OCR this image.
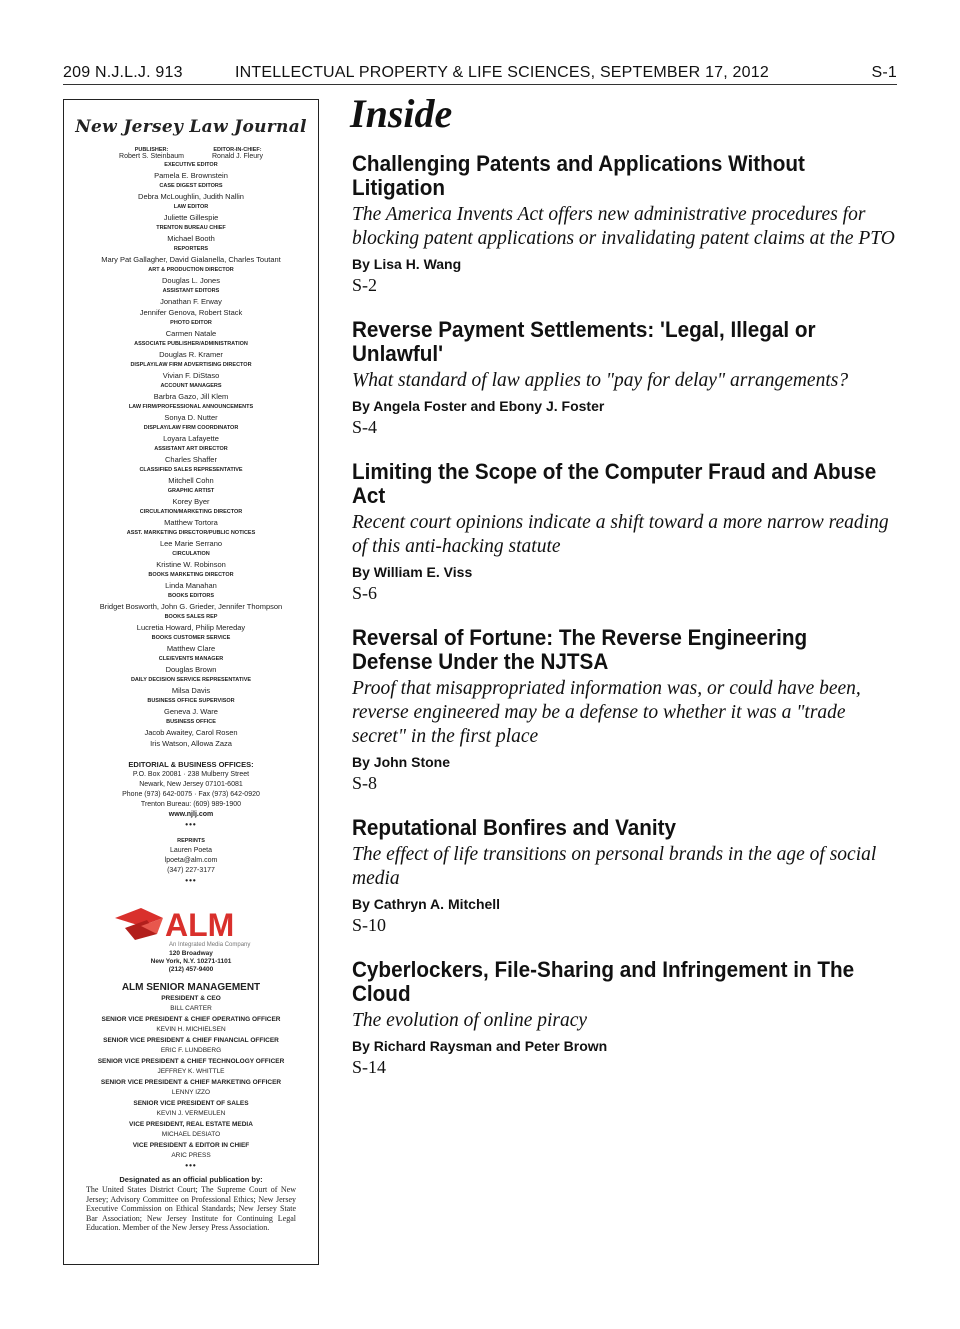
209 N.J.L.J. 913	INTELLECTUAL PROPERTY & LIFE SCIENCES, SEPTEMBER 17, 2012	S-1
New Jersey Law Journal
PUBLISHER:
Robert S. Steinbaum
EDITOR-IN-CHIEF:
Ronald J. Fleury
EXECUTIVE EDITOR
Pamela E. Brownstein
CASE DIGEST EDITORS
Debra McLoughlin, Judith Nallin
LAW EDITOR
Juliette Gillespie
TRENTON BUREAU CHIEF
Michael Booth
REPORTERS
Mary Pat Gallagher, David Gialanella, Charles Toutant
ART & PRODUCTION DIRECTOR
Douglas L. Jones
ASSISTANT EDITORS
Jonathan F. Erway
Jennifer Genova, Robert Stack
PHOTO EDITOR
Carmen Natale
ASSOCIATE PUBLISHER/ADMINISTRATION
Douglas R. Kramer
DISPLAY/LAW FIRM ADVERTISING DIRECTOR
Vivian F. DiStaso
ACCOUNT MANAGERS
Barbra Gazo, Jill Klem
LAW FIRM/PROFESSIONAL ANNOUNCEMENTS
Sonya D. Nutter
DISPLAY/LAW FIRM COORDINATOR
Loyara Lafayette
ASSISTANT ART DIRECTOR
Charles Shaffer
CLASSIFIED SALES REPRESENTATIVE
Mitchell Cohn
GRAPHIC ARTIST
Korey Byer
CIRCULATION/MARKETING DIRECTOR
Matthew Tortora
ASST. MARKETING DIRECTOR/PUBLIC NOTICES
Lee Marie Serrano
CIRCULATION
Kristine W. Robinson
BOOKS MARKETING DIRECTOR
Linda Manahan
BOOKS EDITORS
Bridget Bosworth, John G. Grieder, Jennifer Thompson
BOOKS SALES REP
Lucretia Howard, Philip Mereday
BOOKS CUSTOMER SERVICE
Matthew Clare
CLE/EVENTS MANAGER
Douglas Brown
DAILY DECISION SERVICE REPRESENTATIVE
Milsa Davis
BUSINESS OFFICE SUPERVISOR
Geneva J. Ware
BUSINESS OFFICE
Jacob Awaitey, Carol Rosen
Iris Watson, Allowa Zaza
EDITORIAL & BUSINESS OFFICES:
P.O. Box 20081 · 238 Mulberry Street
Newark, New Jersey 07101-6081
Phone (973) 642-0075 · Fax (973) 642-0920
Trenton Bureau: (609) 989-1900
www.njlj.com
•••
REPRINTS
Lauren Poeta
lpoeta@alm.com
(347) 227-3177
•••
ALM
An Integrated Media Company
120 Broadway
New York, N.Y. 10271-1101
(212) 457-9400
ALM SENIOR MANAGEMENT
PRESIDENT & CEO
BILL CARTER
SENIOR VICE PRESIDENT & CHIEF OPERATING OFFICER
KEVIN H. MICHIELSEN
SENIOR VICE PRESIDENT & CHIEF FINANCIAL OFFICER
ERIC F. LUNDBERG
SENIOR VICE PRESIDENT & CHIEF TECHNOLOGY OFFICER
JEFFREY K. WHITTLE
SENIOR VICE PRESIDENT & CHIEF MARKETING OFFICER
LENNY IZZO
SENIOR VICE PRESIDENT OF SALES
KEVIN J. VERMEULEN
VICE PRESIDENT, REAL ESTATE MEDIA
MICHAEL DESIATO
VICE PRESIDENT & EDITOR IN CHIEF
ARIC PRESS
•••
Designated as an official publication by:
The United States District Court; The Supreme Court of New Jersey; Advisory Committee on Professional Ethics; New Jersey Executive Commission on Ethical Standards; New Jersey State Bar Association; New Jersey Institute for Continuing Legal Education. Member of the New Jersey Press Association.
Inside
Challenging Patents and Applications Without Litigation
The America Invents Act offers new administrative procedures for blocking patent applications or invalidating patent claims at the PTO
By Lisa H. Wang
S-2
Reverse Payment Settlements: 'Legal, Illegal or Unlawful'
What standard of law applies to "pay for delay" arrangements?
By Angela Foster and Ebony J. Foster
S-4
Limiting the Scope of the Computer Fraud and Abuse Act
Recent court opinions indicate a shift toward a more narrow reading of this anti-hacking statute
By William E. Viss
S-6
Reversal of Fortune: The Reverse Engineering Defense Under the NJTSA
Proof that misappropriated information was, or could have been, reverse engineered may be a defense to whether it was a "trade secret" in the first place
By John Stone
S-8
Reputational Bonfires and Vanity
The effect of life transitions on personal brands in the age of social media
By Cathryn A. Mitchell
S-10
Cyberlockers, File-Sharing and Infringement in The Cloud
The evolution of online piracy
By Richard Raysman and Peter Brown
S-14
